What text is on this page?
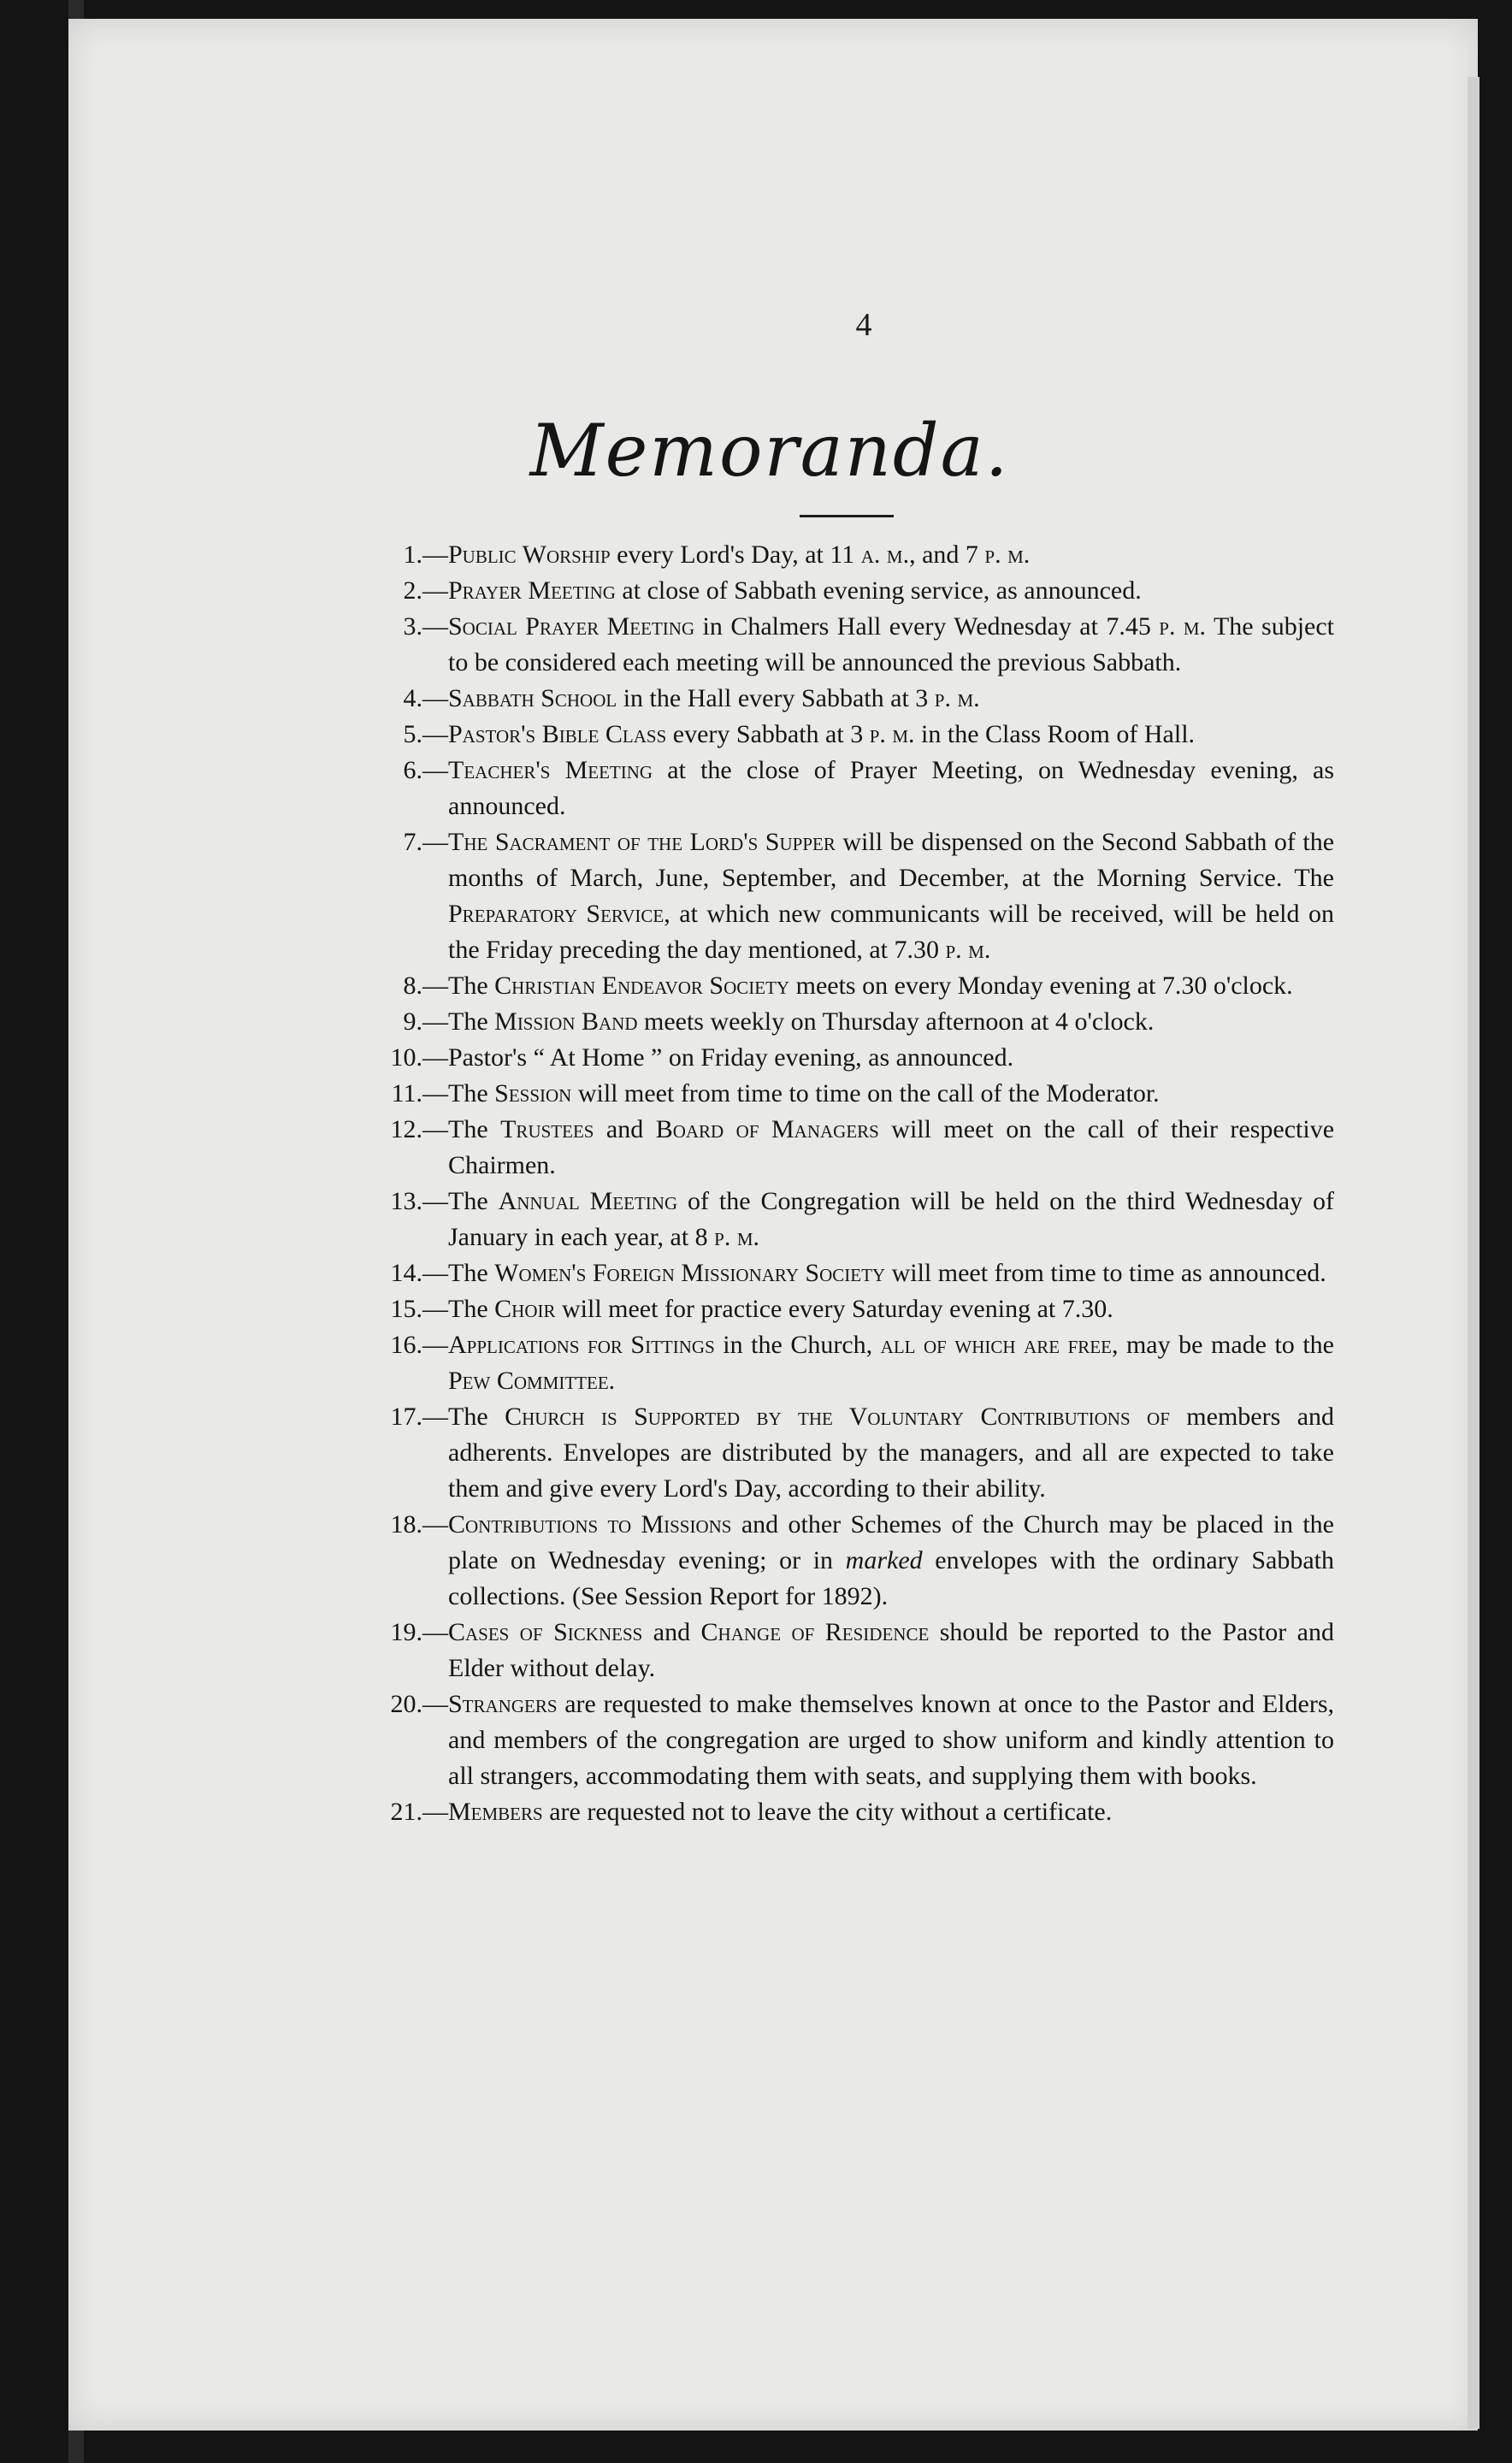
4
Memoranda.
1.— Public Worship every Lord's Day, at 11 a. m., and 7 p. m.
2.— Prayer Meeting at close of Sabbath evening service, as announced.
3.— Social Prayer Meeting in Chalmers Hall every Wednesday at 7.45 p. m. The subject to be considered each meeting will be announced the previous Sabbath.
4.— Sabbath School in the Hall every Sabbath at 3 p. m.
5.— Pastor's Bible Class every Sabbath at 3 p. m. in the Class Room of Hall.
6.— Teacher's Meeting at the close of Prayer Meeting, on Wednesday evening, as announced.
7.— The Sacrament of the Lord's Supper will be dispensed on the Second Sabbath of the months of March, June, September, and December, at the Morning Service. The Preparatory Service, at which new communicants will be received, will be held on the Friday preceding the day mentioned, at 7.30 p. m.
8.— The Christian Endeavor Society meets on every Monday evening at 7.30 o'clock.
9.— The Mission Band meets weekly on Thursday afternoon at 4 o'clock.
10.— Pastor's “ At Home ” on Friday evening, as announced.
11.— The Session will meet from time to time on the call of the Moderator.
12.— The Trustees and Board of Managers will meet on the call of their respective Chairmen.
13.— The Annual Meeting of the Congregation will be held on the third Wednesday of January in each year, at 8 p. m.
14.— The Women's Foreign Missionary Society will meet from time to time as announced.
15.— The Choir will meet for practice every Saturday evening at 7.30.
16.— Applications for Sittings in the Church, all of which are free, may be made to the Pew Committee.
17.— The Church is Supported by the Voluntary Contributions of members and adherents. Envelopes are distributed by the managers, and all are expected to take them and give every Lord's Day, according to their ability.
18.— Contributions to Missions and other Schemes of the Church may be placed in the plate on Wednesday evening; or in marked envelopes with the ordinary Sabbath collections. (See Session Report for 1892).
19.— Cases of Sickness and Change of Residence should be reported to the Pastor and Elder without delay.
20.— Strangers are requested to make themselves known at once to the Pastor and Elders, and members of the congregation are urged to show uniform and kindly attention to all strangers, accommodating them with seats, and supplying them with books.
21.— Members are requested not to leave the city without a certificate.
